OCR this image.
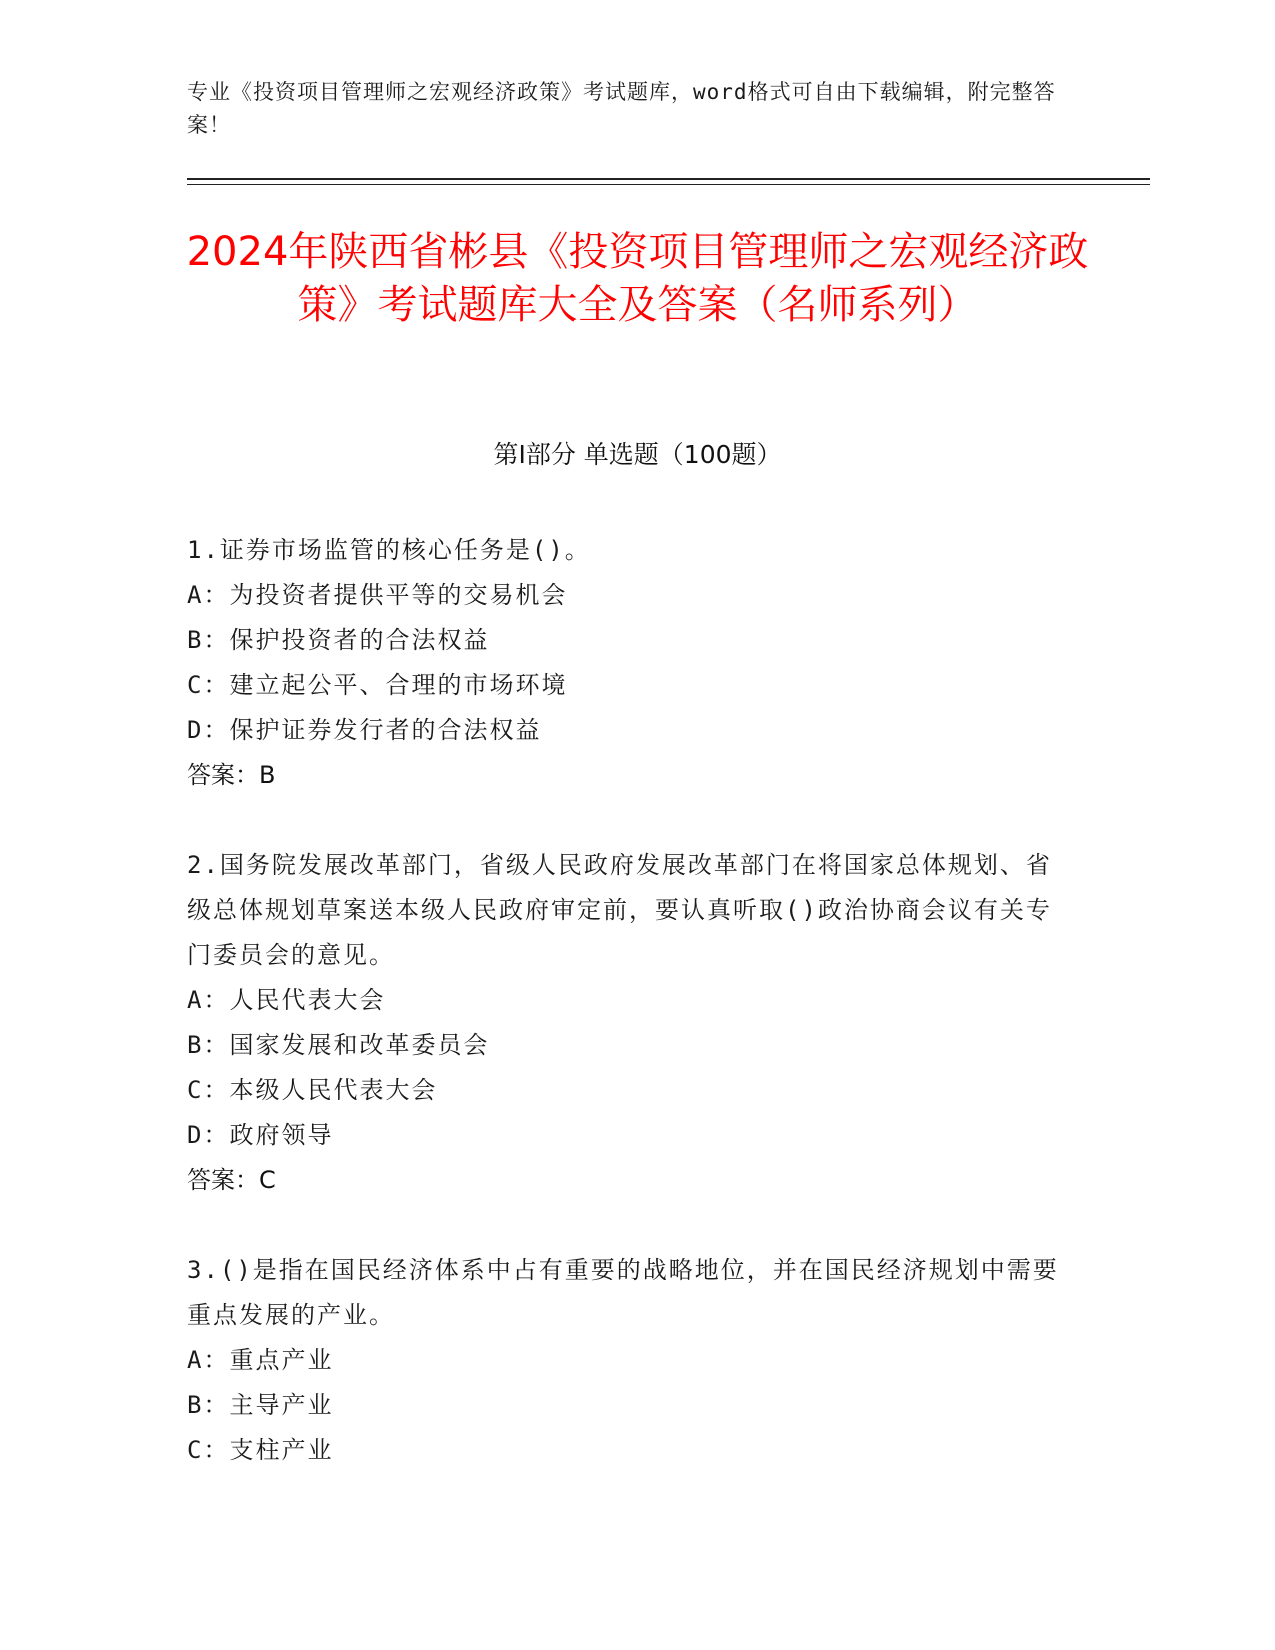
专业《投资项目管理师之宏观经济政策》考试题库，word格式可自由下载编辑，附完整答案！
2024年陕西省彬县《投资项目管理师之宏观经济政策》考试题库大全及答案（名师系列）
第I部分 单选题（100题）
1.证券市场监管的核心任务是()。
A：为投资者提供平等的交易机会
B：保护投资者的合法权益
C：建立起公平、合理的市场环境
D：保护证券发行者的合法权益
答案：B
2.国务院发展改革部门，省级人民政府发展改革部门在将国家总体规划、省级总体规划草案送本级人民政府审定前，要认真听取()政治协商会议有关专门委员会的意见。
A：人民代表大会
B：国家发展和改革委员会
C：本级人民代表大会
D：政府领导
答案：C
3.()是指在国民经济体系中占有重要的战略地位，并在国民经济规划中需要重点发展的产业。
A：重点产业
B：主导产业
C：支柱产业
